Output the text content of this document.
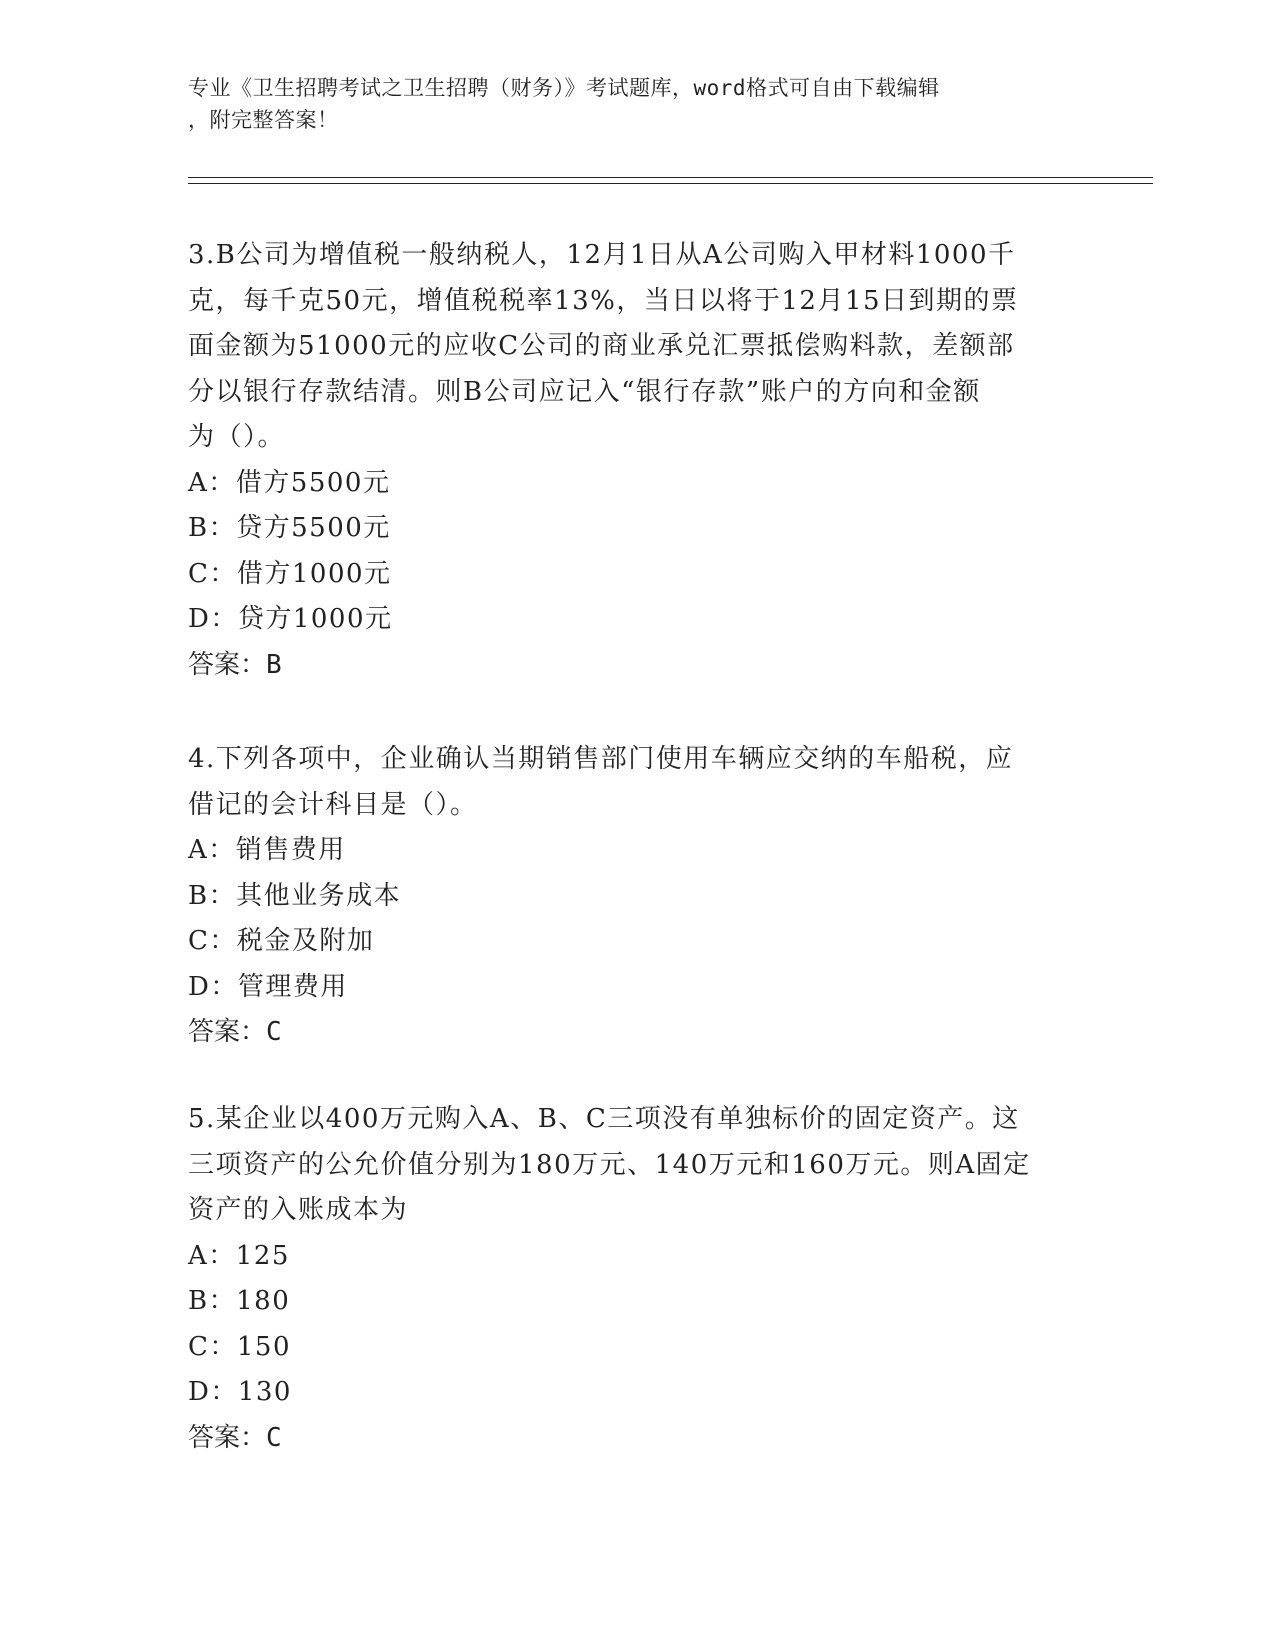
专业《卫生招聘考试之卫生招聘（财务）》考试题库，word格式可自由下载编辑
，附完整答案！

3.B公司为增值税一般纳税人，12月1日从A公司购入甲材料1000千

克，每千克50元，增值税税率13%，当日以将于12月15日到期的票

面金额为51000元的应收C公司的商业承兑汇票抵偿购料款，差额部

分以银行存款结清。则B公司应记入“银行存款”账户的方向和金额

为（）。

A：借方5500元

B：贷方5500元

C：借方1000元

D：贷方1000元

答案：B

4.下列各项中，企业确认当期销售部门使用车辆应交纳的车船税，应

借记的会计科目是（）。

A：销售费用

B：其他业务成本

C：税金及附加

D：管理费用

答案：C

5.某企业以400万元购入A、B、C三项没有单独标价的固定资产。这

三项资产的公允价值分别为180万元、140万元和160万元。则A固定

资产的入账成本为

A：125

B：180

C：150

D：130

答案：C
